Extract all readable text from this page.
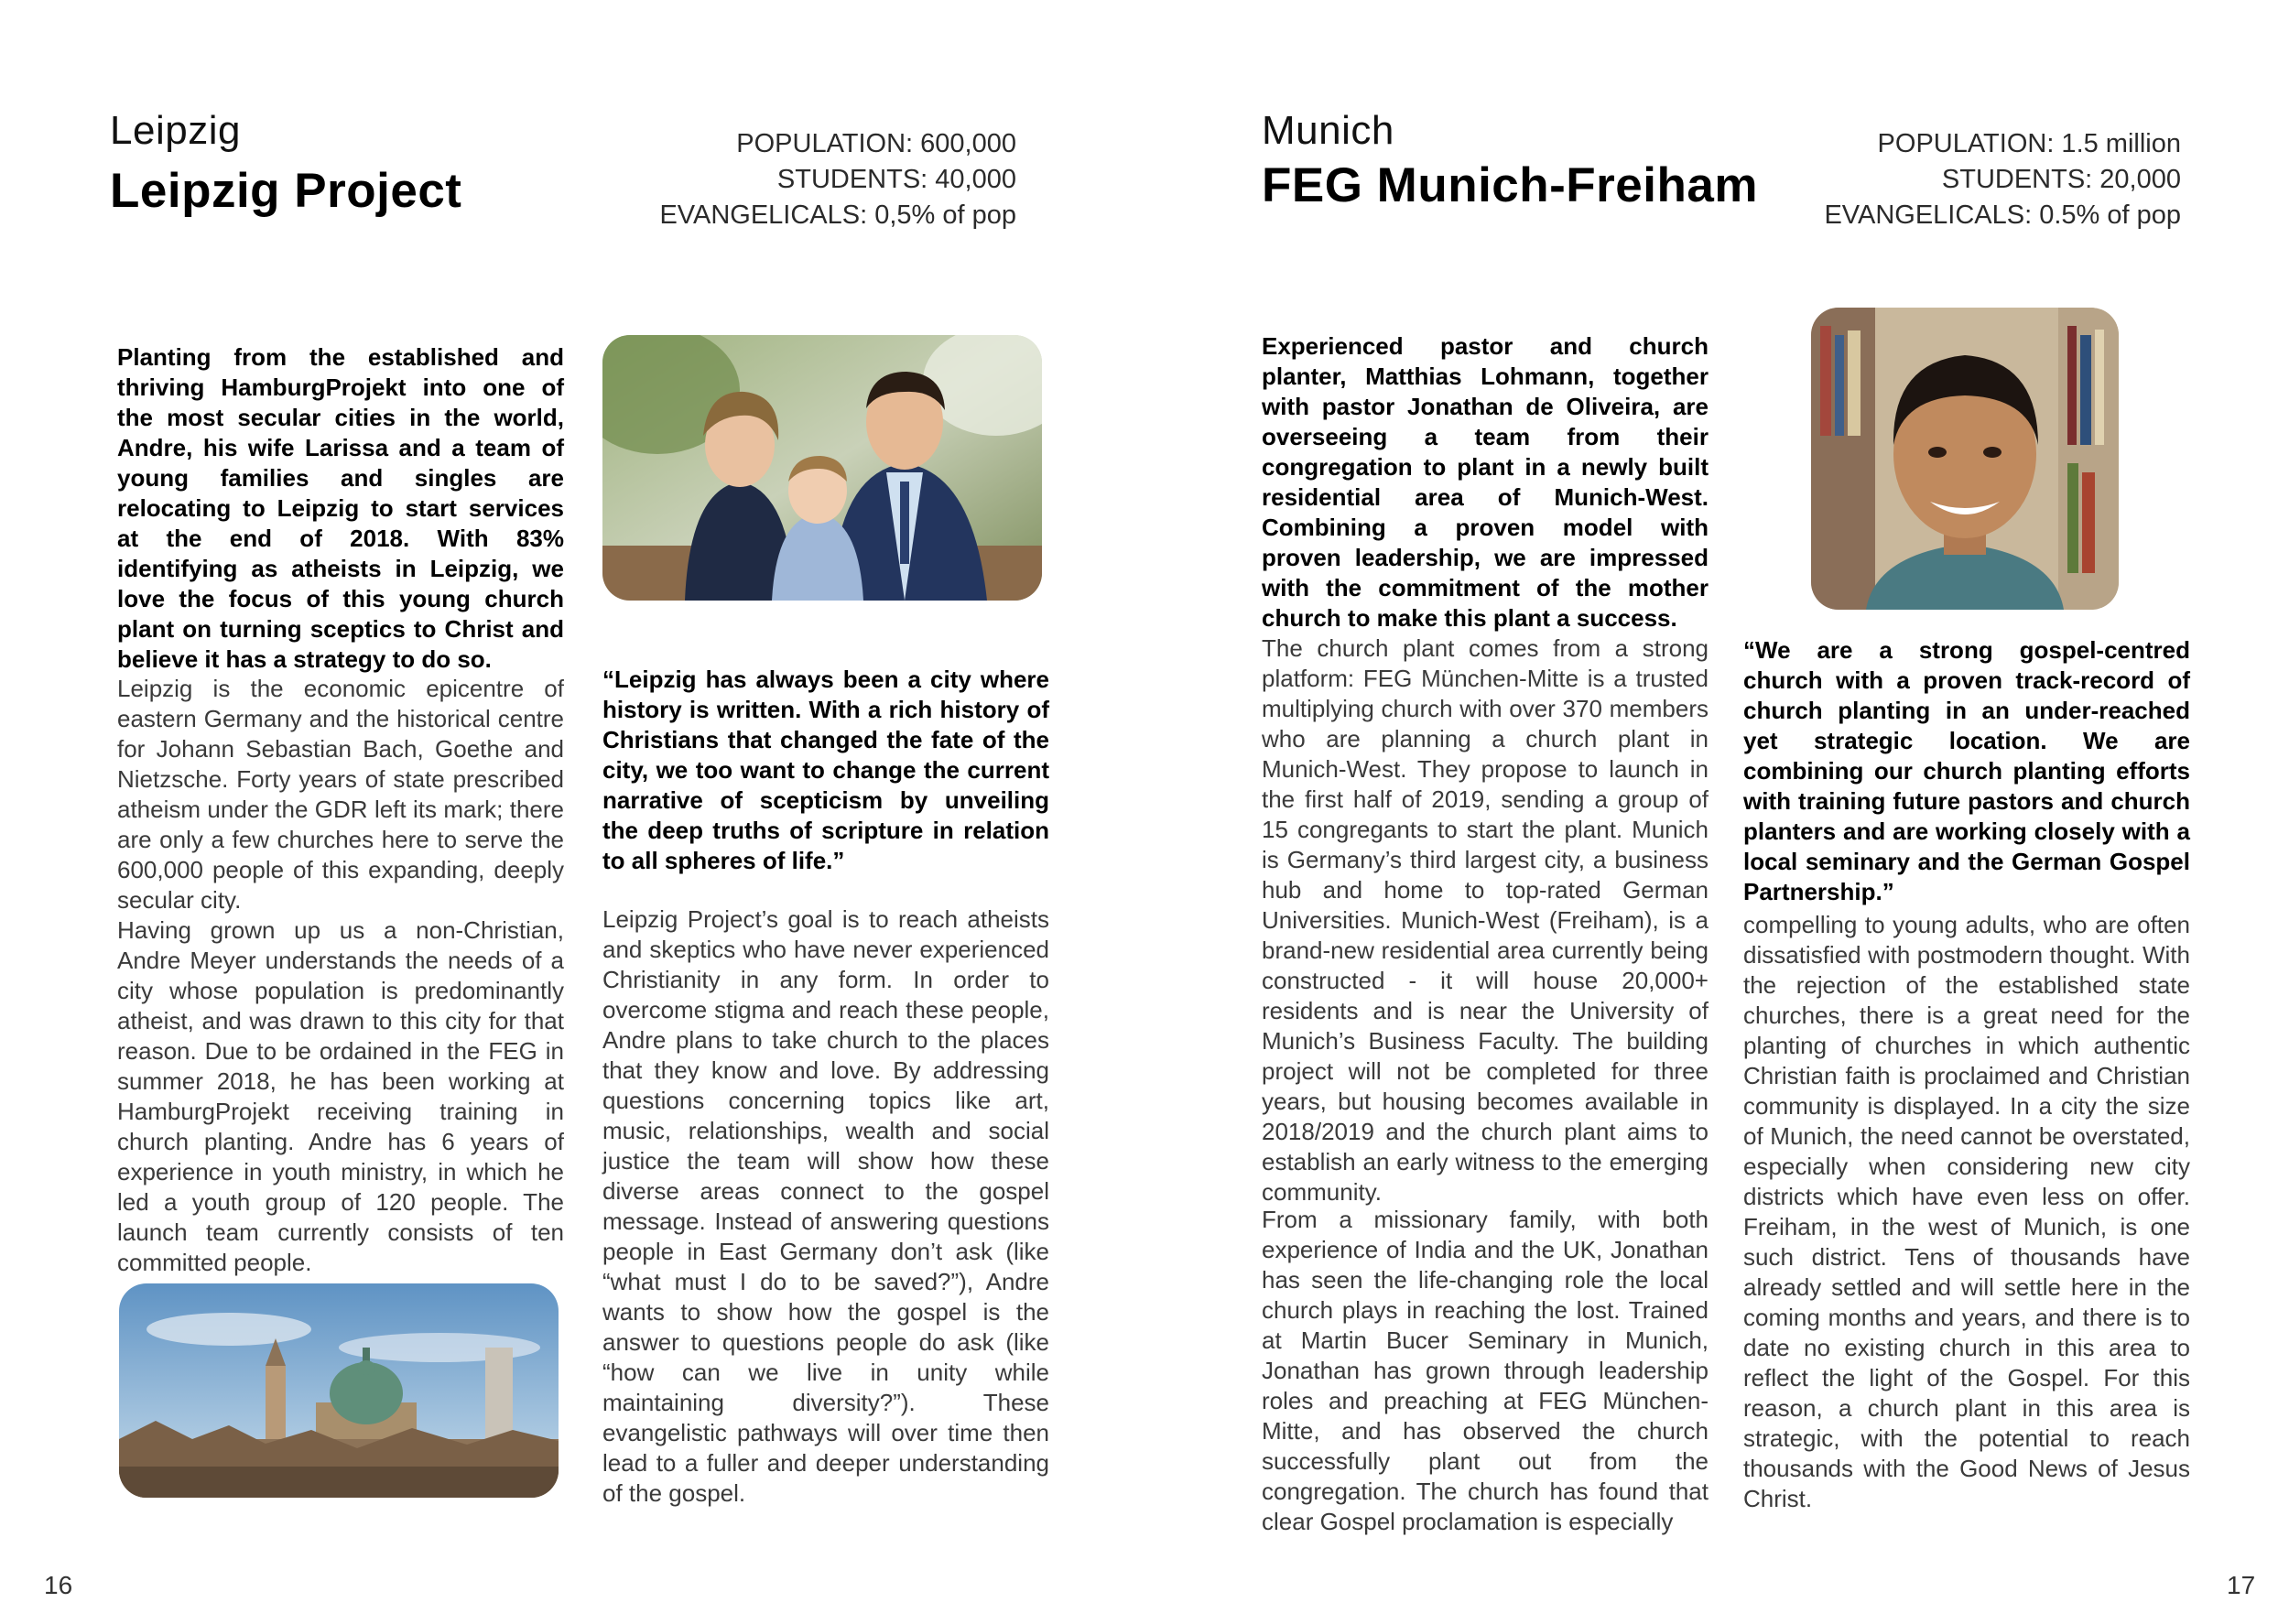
Leipzig
Leipzig Project
POPULATION: 600,000
STUDENTS: 40,000
EVANGELICALS: 0,5% of pop
Planting from the established and thriving HamburgProjekt into one of the most secular cities in the world, Andre, his wife Larissa and a team of young families and singles are relocating to Leipzig to start services at the end of 2018. With 83% identifying as atheists in Leipzig, we love the focus of this young church plant on turning sceptics to Christ and believe it has a strategy to do so.
Leipzig is the economic epicentre of eastern Germany and the historical centre for Johann Sebastian Bach, Goethe and Nietzsche. Forty years of state prescribed atheism under the GDR left its mark; there are only a few churches here to serve the 600,000 people of this expanding, deeply secular city.
Having grown up us a non-Christian, Andre Meyer understands the needs of a city whose population is predominantly atheist, and was drawn to this city for that reason. Due to be ordained in the FEG in summer 2018, he has been working at HamburgProjekt receiving training in church planting. Andre has 6 years of experience in youth ministry, in which he led a youth group of 120 people. The launch team currently consists of ten committed people.
“Leipzig has always been a city where history is written. With a rich history of Christians that changed the fate of the city, we too want to change the current narrative of scepticism by unveiling the deep truths of scripture in relation to all spheres of life.”
Leipzig Project’s goal is to reach atheists and skeptics who have never experienced Christianity in any form. In order to overcome stigma and reach these people, Andre plans to take church to the places that they know and love. By addressing questions concerning topics like art, music, relationships, wealth and social justice the team will show how these diverse areas connect to the gospel message. Instead of answering questions people in East Germany don’t ask (like “what must I do to be saved?”), Andre wants to show how the gospel is the answer to questions people do ask (like “how can we live in unity while maintaining diversity?”). These evangelistic pathways will over time then lead to a fuller and deeper understanding of the gospel.
16
Munich
FEG Munich-Freiham
POPULATION: 1.5 million
STUDENTS: 20,000
EVANGELICALS: 0.5% of pop
Experienced pastor and church planter, Matthias Lohmann, together with pastor Jonathan de Oliveira, are overseeing a team from their congregation to plant in a newly built residential area of Munich-West. Combining a proven model with proven leadership, we are impressed with the commitment of the mother church to make this plant a success.
The church plant comes from a strong platform: FEG München-Mitte is a trusted multiplying church with over 370 members who are planning a church plant in Munich-West. They propose to launch in the first half of 2019, sending a group of 15 congregants to start the plant. Munich is Germany’s third largest city, a business hub and home to top-rated German Universities. Munich-West (Freiham), is a brand-new residential area currently being constructed - it will house 20,000+ residents and is near the University of Munich’s Business Faculty. The building project will not be completed for three years, but housing becomes available in 2018/2019 and the church plant aims to establish an early witness to the emerging community.
From a missionary family, with both experience of India and the UK, Jonathan has seen the life-changing role the local church plays in reaching the lost. Trained at Martin Bucer Seminary in Munich, Jonathan has grown through leadership roles and preaching at FEG München-Mitte, and has observed the church successfully plant out from the congregation. The church has found that clear Gospel proclamation is especially
“We are a strong gospel-centred church with a proven track-record of church planting in an under-reached yet strategic location. We are combining our church planting efforts with training future pastors and church planters and are working closely with a local seminary and the German Gospel Partnership.”
compelling to young adults, who are often dissatisfied with postmodern thought. With the rejection of the established state churches, there is a great need for the planting of churches in which authentic Christian faith is proclaimed and Christian community is displayed. In a city the size of Munich, the need cannot be overstated, especially when considering new city districts which have even less on offer. Freiham, in the west of Munich, is one such district. Tens of thousands have already settled and will settle here in the coming months and years, and there is to date no existing church in this area to reflect the light of the Gospel. For this reason, a church plant in this area is strategic, with the potential to reach thousands with the Good News of Jesus Christ.
17
